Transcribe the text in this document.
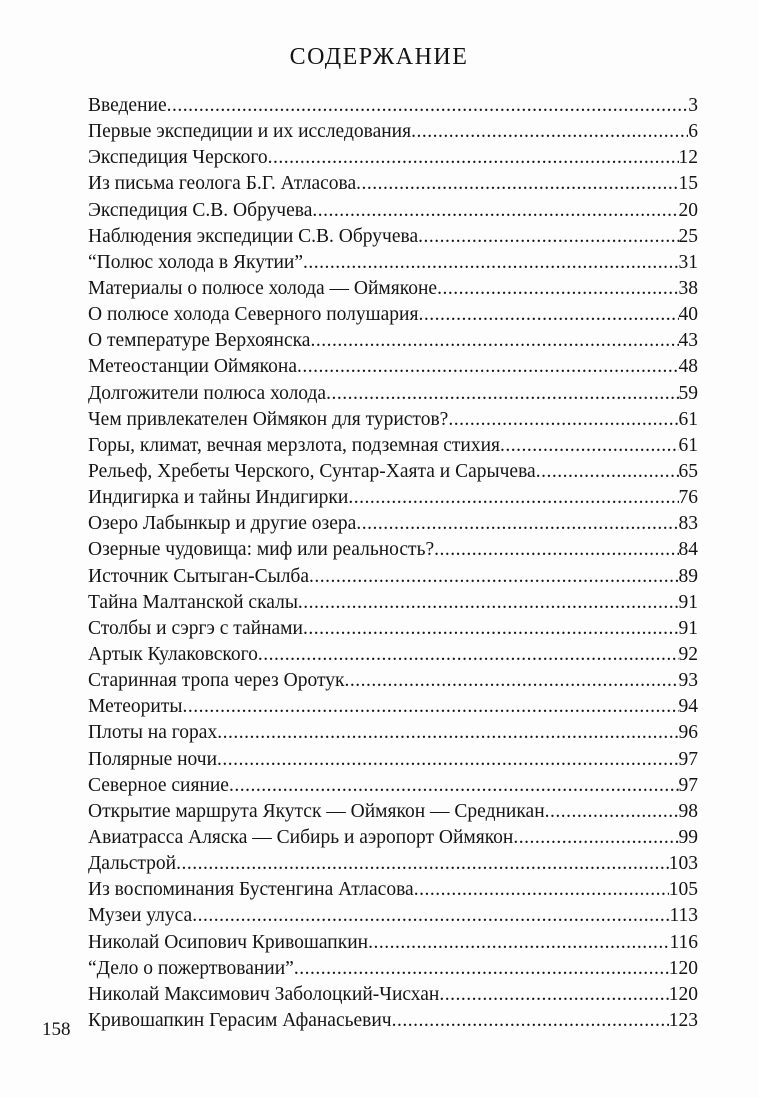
СОДЕРЖАНИЕ
Введение .....	3
Первые экспедиции и их исследования .....	6
Экспедиция Черского .....	12
Из письма геолога Б.Г. Атласова .....	15
Экспедиция С.В. Обручева .....	20
Наблюдения экспедиции С.В. Обручева .....	25
“Полюс холода в Якутии” .....	31
Материалы о полюсе холода — Оймяконе .....	38
О полюсе холода Северного полушария .....	40
О температуре Верхоянска .....	43
Метеостанции Оймякона .....	48
Долгожители полюса холода .....	59
Чем привлекателен Оймякон для туристов? .....	61
Горы, климат, вечная мерзлота, подземная стихия .....	61
Рельеф, Хребеты Черского, Сунтар-Хаята и Сарычева .....	65
Индигирка и тайны Индигирки .....	76
Озеро Лабынкыр и другие озера .....	83
Озерные чудовища: миф или реальность? .....	84
Источник Сытыган-Сылба .....	89
Тайна Малтанской скалы .....	91
Столбы и сэргэ с тайнами .....	91
Артык Кулаковского .....	92
Старинная тропа через Оротук .....	93
Метеориты .....	94
Плоты на горах .....	96
Полярные ночи .....	97
Северное сияние .....	97
Открытие маршрута Якутск — Оймякон — Средникан .....	98
Авиатрасса Аляска — Сибирь и аэропорт Оймякон .....	99
Дальстрой .....	103
Из воспоминания Бустенгина Атласова .....	105
Музеи улуса .....	113
Николай Осипович Кривошапкин .....	116
“Дело о пожертвовании” .....	120
Николай Максимович Заболоцкий-Чисхан .....	120
Кривошапкин Герасим Афанасьевич .....	123
158
